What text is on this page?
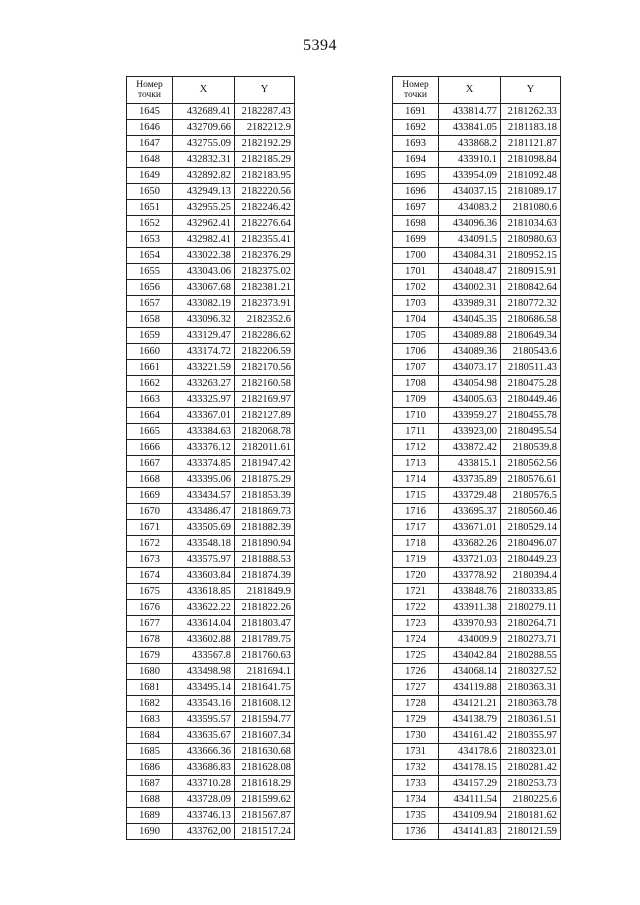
5394
Номер
точки	X	Y
1645	432689.41	2182287.43
1646	432709.66	2182212.9
1647	432755.09	2182192.29
1648	432832.31	2182185.29
1649	432892.82	2182183.95
1650	432949.13	2182220.56
1651	432955.25	2182246.42
1652	432962.41	2182276.64
1653	432982.41	2182355.41
1654	433022.38	2182376.29
1655	433043.06	2182375.02
1656	433067.68	2182381.21
1657	433082.19	2182373.91
1658	433096.32	2182352.6
1659	433129.47	2182286.62
1660	433174.72	2182206.59
1661	433221.59	2182170.56
1662	433263.27	2182160.58
1663	433325.97	2182169.97
1664	433367.01	2182127.89
1665	433384.63	2182068.78
1666	433376.12	2182011.61
1667	433374.85	2181947.42
1668	433395.06	2181875.29
1669	433434.57	2181853.39
1670	433486.47	2181869.73
1671	433505.69	2181882.39
1672	433548.18	2181890.94
1673	433575.97	2181888.53
1674	433603.84	2181874.39
1675	433618.85	2181849.9
1676	433622.22	2181822.26
1677	433614.04	2181803.47
1678	433602.88	2181789.75
1679	433567.8	2181760.63
1680	433498.98	2181694.1
1681	433495.14	2181641.75
1682	433543.16	2181608.12
1683	433595.57	2181594.77
1684	433635.67	2181607.34
1685	433666.36	2181630.68
1686	433686.83	2181628.08
1687	433710.28	2181618.29
1688	433728.09	2181599.62
1689	433746.13	2181567.87
1690	433762,00	2181517.24
Номер
точки	X	Y
1691	433814.77	2181262.33
1692	433841.05	2181183.18
1693	433868.2	2181121.87
1694	433910.1	2181098.84
1695	433954.09	2181092.48
1696	434037.15	2181089.17
1697	434083.2	2181080.6
1698	434096.36	2181034.63
1699	434091.5	2180980.63
1700	434084.31	2180952.15
1701	434048.47	2180915.91
1702	434002.31	2180842.64
1703	433989.31	2180772.32
1704	434045.35	2180686.58
1705	434089.88	2180649.34
1706	434089.36	2180543.6
1707	434073.17	2180511.43
1708	434054.98	2180475.28
1709	434005.63	2180449.46
1710	433959.27	2180455.78
1711	433923,00	2180495.54
1712	433872.42	2180539.8
1713	433815.1	2180562.56
1714	433735.89	2180576.61
1715	433729.48	2180576.5
1716	433695.37	2180560.46
1717	433671.01	2180529.14
1718	433682.26	2180496.07
1719	433721.03	2180449.23
1720	433778.92	2180394.4
1721	433848.76	2180333.85
1722	433911.38	2180279.11
1723	433970.93	2180264.71
1724	434009.9	2180273.71
1725	434042.84	2180288.55
1726	434068.14	2180327.52
1727	434119.88	2180363.31
1728	434121.21	2180363.78
1729	434138.79	2180361.51
1730	434161.42	2180355.97
1731	434178.6	2180323.01
1732	434178.15	2180281.42
1733	434157.29	2180253.73
1734	434111.54	2180225.6
1735	434109.94	2180181.62
1736	434141.83	2180121.59
